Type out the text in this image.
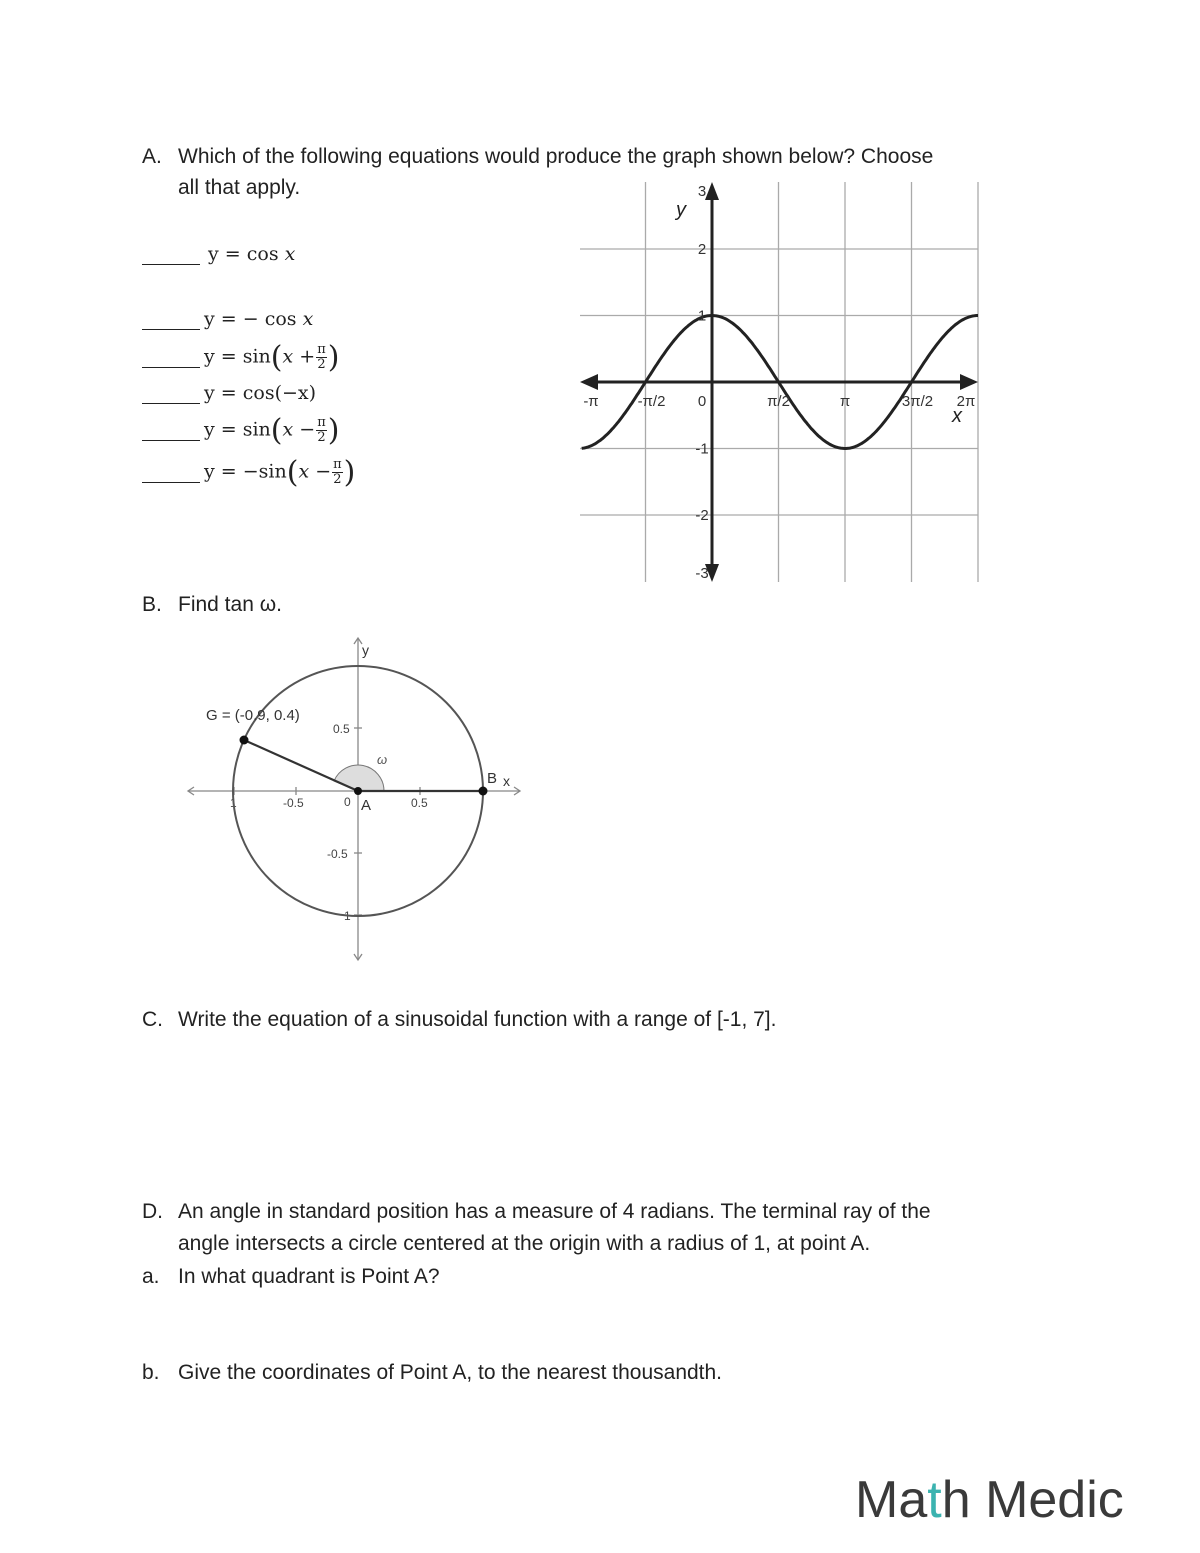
A. Which of the following equations would produce the graph shown below? Choose
all that apply.
y = cos x
y = − cos x
$y = \sin(x + \frac{\pi}{2}$ )
y = cos(−x)
$y = \sin(x - \frac{\pi}{2}$ )
$y = -\sin(x - \frac{\pi}{2}$ )
-π	-π/2 0	π/2	π	3π/2 2π
3
2
1
-1
-2
-3
y
x
B. Find tan ω.
1	-0.5	0.5
0.5
-0.5
1
0
y
x
ω
G = (-0.9, 0.4)
A
B
C. Write the equation of a sinusoidal function with a range of [-1, 7].
D. An angle in standard position has a measure of 4 radians. The terminal ray of the
angle intersects a circle centered at the origin with a radius of 1, at point A.
a. In what quadrant is Point A?
b. Give the coordinates of Point A, to the nearest thousandth.
Math Medic
